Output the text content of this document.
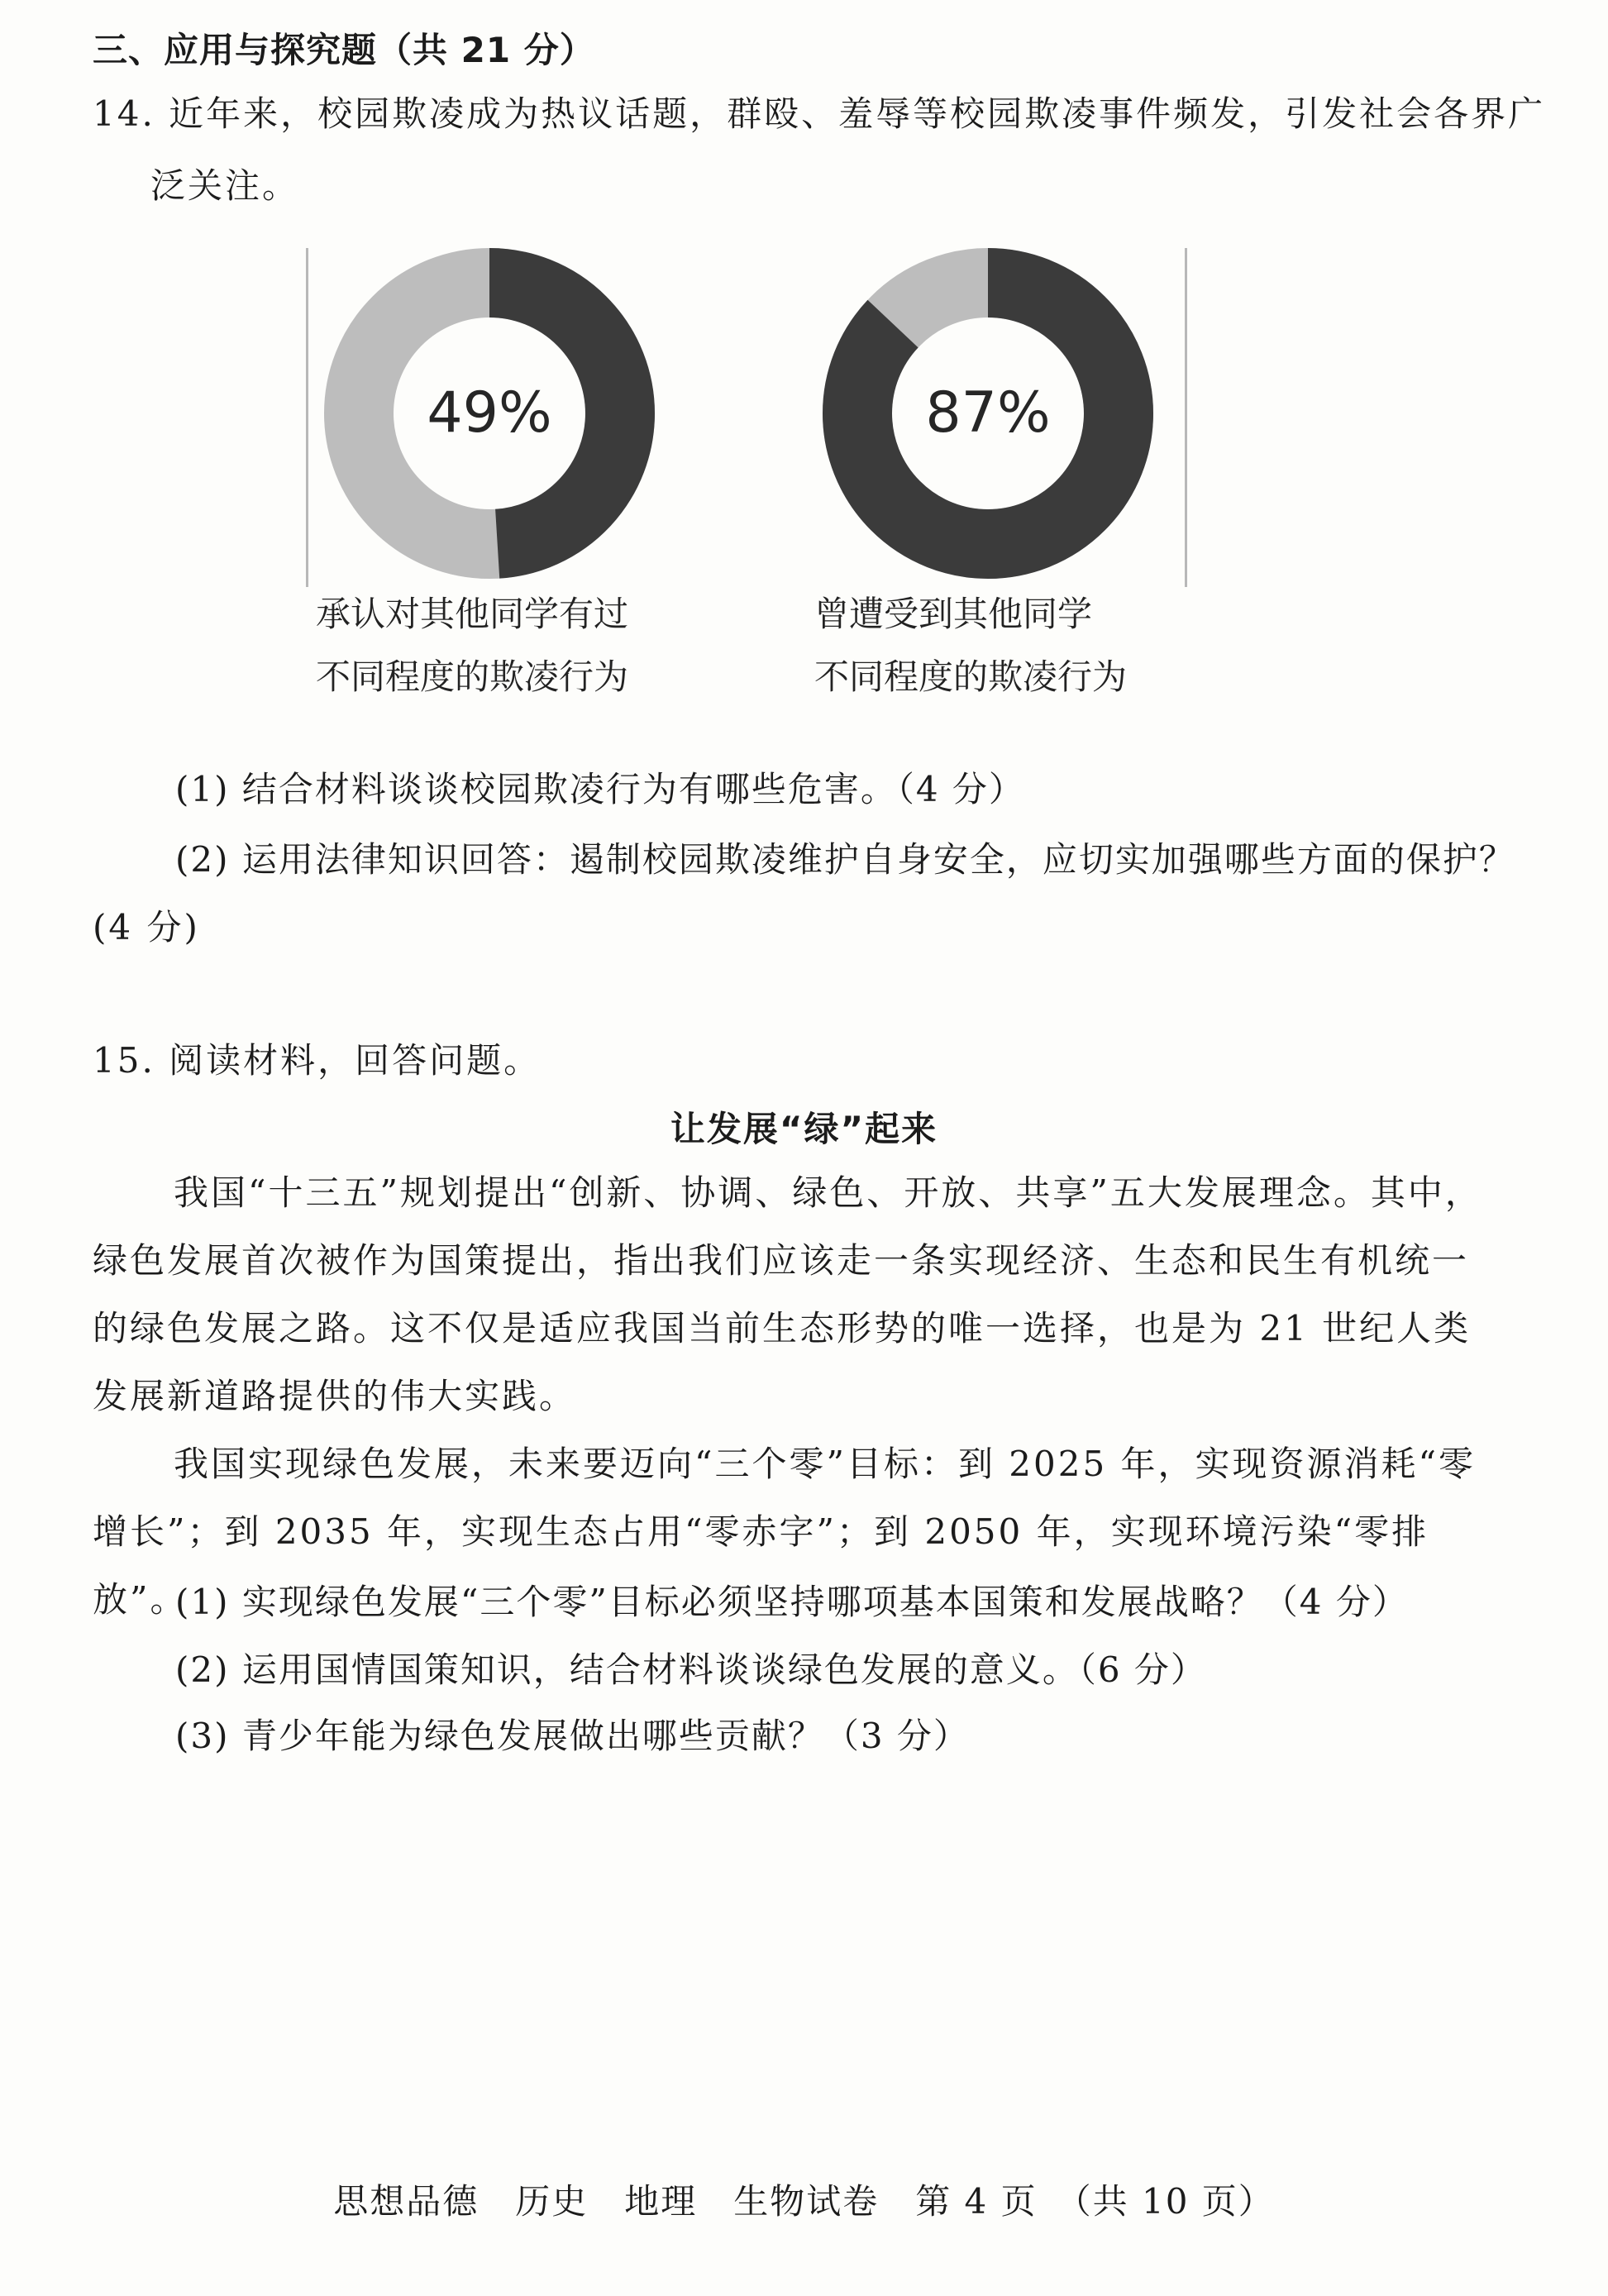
三、应用与探究题（共 21 分）
14. 近年来，校园欺凌成为热议话题，群殴、羞辱等校园欺凌事件频发，引发社会各界广
泛关注。
49%	87%
承认对其他同学有过
不同程度的欺凌行为
曾遭受到其他同学
不同程度的欺凌行为
(1) 结合材料谈谈校园欺凌行为有哪些危害。（4 分）
(2) 运用法律知识回答：遏制校园欺凌维护自身安全，应切实加强哪些方面的保护？
(4 分)
15. 阅读材料，回答问题。
让发展“绿”起来
我国“十三五”规划提出“创新、协调、绿色、开放、共享”五大发展理念。其中，绿色发展首次被作为国策提出，指出我们应该走一条实现经济、生态和民生有机统一的绿色发展之路。这不仅是适应我国当前生态形势的唯一选择，也是为 21 世纪人类发展新道路提供的伟大实践。
我国实现绿色发展，未来要迈向“三个零”目标：到 2025 年，实现资源消耗“零增长”；到 2035 年，实现生态占用“零赤字”；到 2050 年，实现环境污染“零排放”。
(1) 实现绿色发展“三个零”目标必须坚持哪项基本国策和发展战略？（4 分）
(2) 运用国情国策知识，结合材料谈谈绿色发展的意义。（6 分）
(3) 青少年能为绿色发展做出哪些贡献？（3 分）
思想品德　历史　地理　生物试卷　第 4 页　（共 10 页）
